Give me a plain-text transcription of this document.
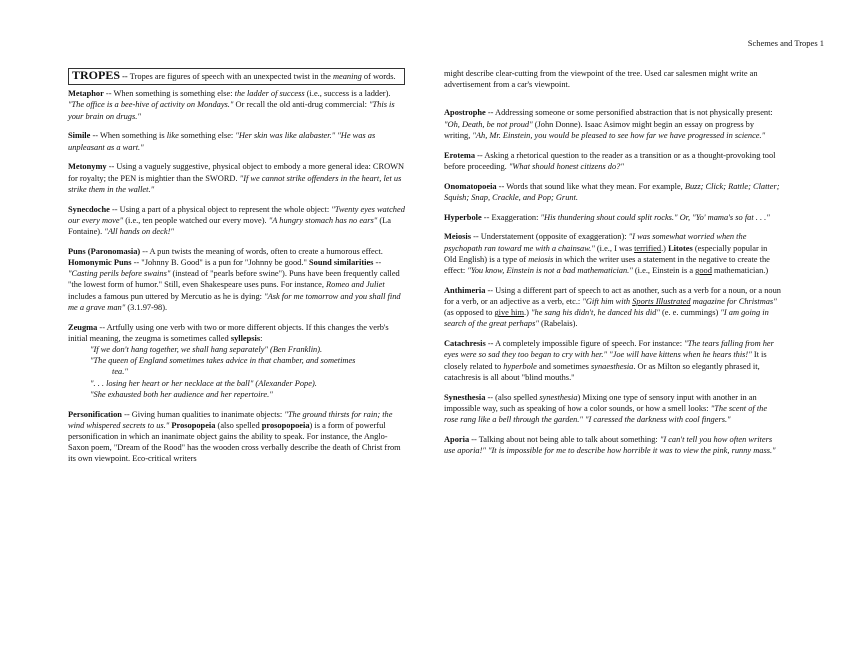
Schemes and Tropes 1
TROPES -- Tropes are figures of speech with an unexpected twist in the meaning of words.

Metaphor -- When something is something else: the ladder of success (i.e., success is a ladder). "The office is a bee-hive of activity on Mondays." Or recall the old anti-drug commercial: "This is your brain on drugs."

Simile -- When something is like something else: "Her skin was like alabaster." "He was as unpleasant as a wart."

Metonymy -- Using a vaguely suggestive, physical object to embody a more general idea: CROWN for royalty; the PEN is mightier than the SWORD. "If we cannot strike offenders in the heart, let us strike them in the wallet."

Synecdoche -- Using a part of a physical object to represent the whole object: "Twenty eyes watched our every move" (i.e., ten people watched our every move). "A hungry stomach has no ears" (La Fontaine). "All hands on deck!"

Puns (Paronomasia) -- A pun twists the meaning of words, often to create a humorous effect. Homonymic Puns -- "Johnny B. Good" is a pun for "Johnny be good." Sound similarities -- "Casting perils before swains" (instead of "pearls before swine"). Puns have been frequently called "the lowest form of humor." Still, even Shakespeare uses puns. For instance, Romeo and Juliet includes a famous pun uttered by Mercutio as he is dying: "Ask for me tomorrow and you shall find me a grave man" (3.1.97-98).

Zeugma -- Artfully using one verb with two or more different objects. If this changes the verb's initial meaning, the zeugma is sometimes called syllepsis:
"If we don't hang together, we shall hang separately" (Ben Franklin).
"The queen of England sometimes takes advice in that chamber, and sometimes
tea."
". . . losing her heart or her necklace at the ball" (Alexander Pope).
"She exhausted both her audience and her repertoire."

Personification -- Giving human qualities to inanimate objects: "The ground thirsts for rain; the wind whispered secrets to us." Prosopopeia (also spelled prosopopoeia) is a form of powerful personification in which an inanimate object gains the ability to speak. For instance, the Anglo-Saxon poem, "Dream of the Rood" has the wooden cross verbally describe the death of Christ from its own viewpoint. Eco-critical writers

might describe clear-cutting from the viewpoint of the tree. Used car salesmen might write an advertisement from a car's viewpoint.

Apostrophe -- Addressing someone or some personified abstraction that is not physically present: "Oh, Death, be not proud" (John Donne). Isaac Asimov might begin an essay on progress by writing, "Ah, Mr. Einstein, you would be pleased to see how far we have progressed in science."

Erotema -- Asking a rhetorical question to the reader as a transition or as a thought-provoking tool before proceeding. "What should honest citizens do?"

Onomatopoeia -- Words that sound like what they mean. For example, Buzz; Click; Rattle; Clatter; Squish; Snap, Crackle, and Pop; Grunt.

Hyperbole -- Exaggeration: "His thundering shout could split rocks." Or, "Yo' mama's so fat . . ."

Meiosis -- Understatement (opposite of exaggeration): "I was somewhat worried when the psychopath ran toward me with a chainsaw." (i.e., I was terrified.) Litotes (especially popular in Old English) is a type of meiosis in which the writer uses a statement in the negative to create the effect: "You know, Einstein is not a bad mathematician." (i.e., Einstein is a good mathematician.)

Anthimeria -- Using a different part of speech to act as another, such as a verb for a noun, or a noun for a verb, or an adjective as a verb, etc.: "Gift him with Sports Illustrated magazine for Christmas" (as opposed to give him.) "he sang his didn't, he danced his did" (e. e. cummings) "I am going in search of the great perhaps" (Rabelais).

Catachresis -- A completely impossible figure of speech. For instance: "The tears falling from her eyes were so sad they too began to cry with her." "Joe will have kittens when he hears this!" It is closely related to hyperbole and sometimes synaesthesia. Or as Milton so elegantly phrased it, catachresis is all about "blind mouths."

Synesthesia -- (also spelled synesthesia) Mixing one type of sensory input with another in an impossible way, such as speaking of how a color sounds, or how a smell looks: "The scent of the rose rang like a bell through the garden." "I caressed the darkness with cool fingers."

Aporia -- Talking about not being able to talk about something: "I can't tell you how often writers use aporia!" "It is impossible for me to describe how horrible it was to view the pink, runny mass."
